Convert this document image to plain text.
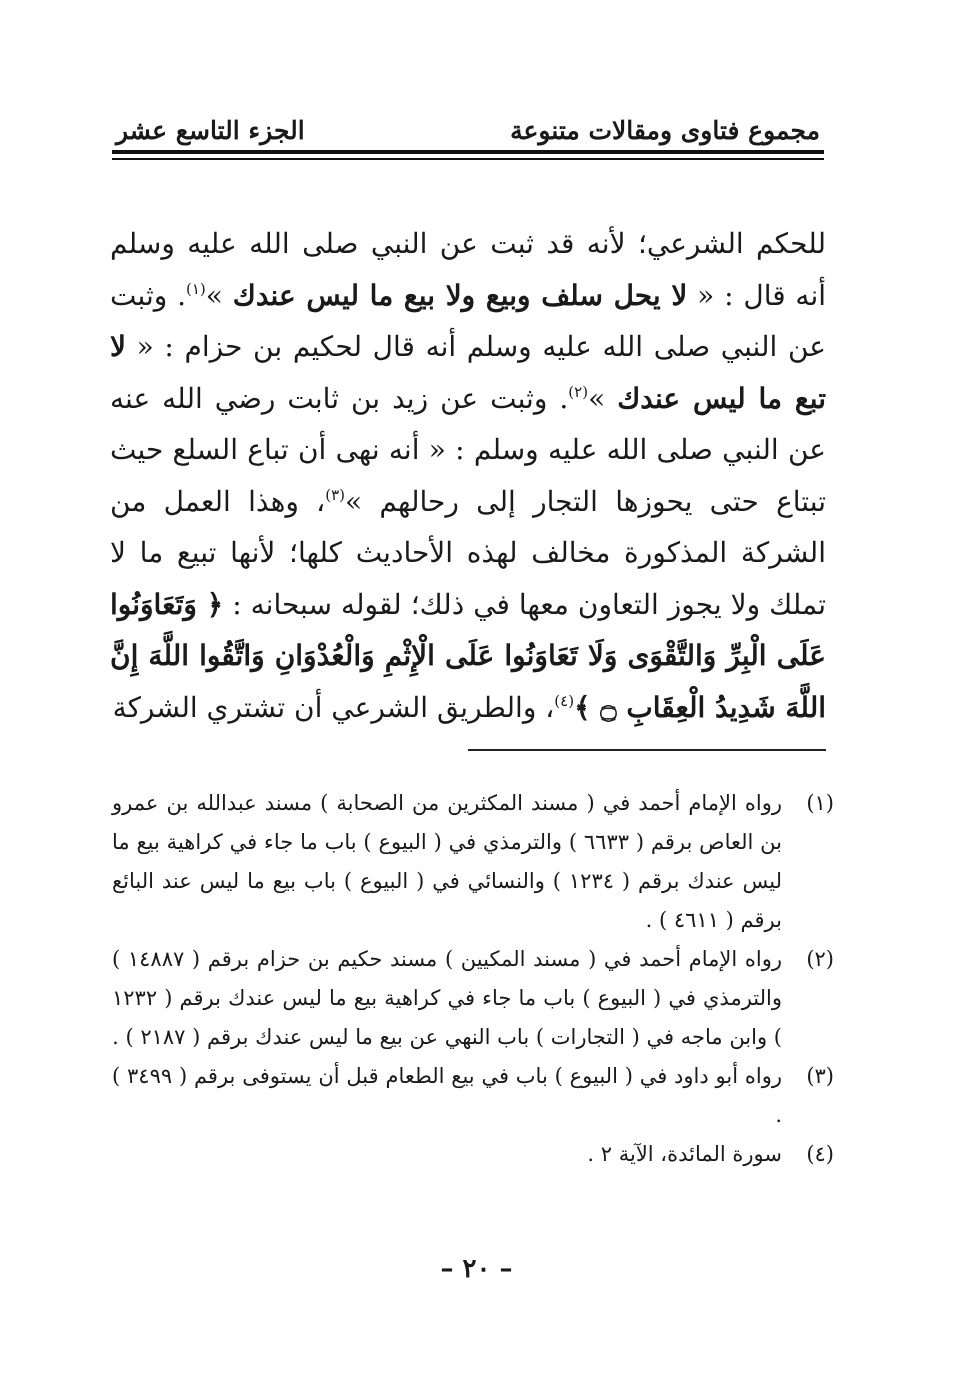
مجموع فتاوى ومقالات متنوعة
الجزء التاسع عشر
للحكم الشرعي؛ لأنه قد ثبت عن النبي صلى الله عليه وسلم أنه قال : « لا يحل سلف وبيع ولا بيع ما ليس عندك »$^{(١)}$. وثبت عن النبي صلى الله عليه وسلم أنه قال لحكيم بن حزام : « لا تبع ما ليس عندك »$^{(٢)}$. وثبت عن زيد بن ثابت رضي الله عنه عن النبي صلى الله عليه وسلم : « أنه نهى أن تباع السلع حيث تبتاع حتى يحوزها التجار إلى رحالهم »$^{(٣)}$، وهذا العمل من الشركة المذكورة مخالف لهذه الأحاديث كلها؛ لأنها تبيع ما لا تملك ولا يجوز التعاون معها في ذلك؛ لقوله سبحانه : ﴿ وَتَعَاوَنُوا عَلَى الْبِرِّ وَالتَّقْوَى وَلَا تَعَاوَنُوا عَلَى الْإِثْمِ وَالْعُدْوَانِ وَاتَّقُوا اللَّهَ إِنَّ اللَّهَ شَدِيدُ الْعِقَابِ ۝ ﴾$^{(٤)}$، والطريق الشرعي أن تشتري الشركة
(١)
رواه الإمام أحمد في ( مسند المكثرين من الصحابة ) مسند عبدالله بن عمرو بن العاص برقم ( ٦٦٣٣ ) والترمذي في ( البيوع ) باب ما جاء في كراهية بيع ما ليس عندك برقم ( ١٢٣٤ ) والنسائي في ( البيوع ) باب بيع ما ليس عند البائع برقم ( ٤٦١١ ) .
(٢)
رواه الإمام أحمد في ( مسند المكيين ) مسند حكيم بن حزام برقم ( ١٤٨٨٧ ) والترمذي في ( البيوع ) باب ما جاء في كراهية بيع ما ليس عندك برقم ( ١٢٣٢ ) وابن ماجه في ( التجارات ) باب النهي عن بيع ما ليس عندك برقم ( ٢١٨٧ ) .
(٣)
رواه أبو داود في ( البيوع ) باب في بيع الطعام قبل أن يستوفى برقم ( ٣٤٩٩ ) .
(٤)
سورة المائدة، الآية ٢ .
– ٢٠ –
